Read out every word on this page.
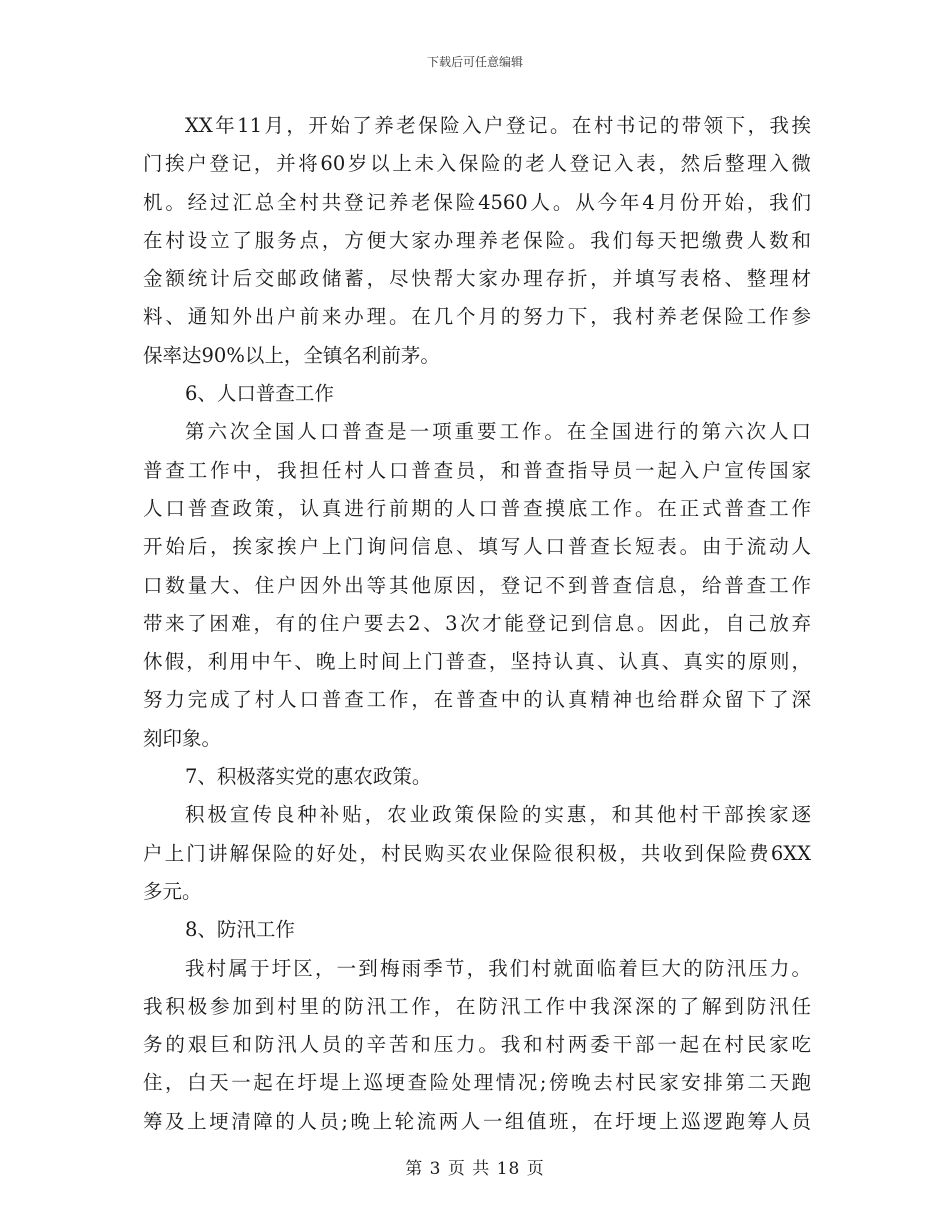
下载后可任意编辑
XX年11月，开始了养老保险入户登记。在村书记的带领下，我挨
门挨户登记，并将60岁以上未入保险的老人登记入表，然后整理入微
机。经过汇总全村共登记养老保险4560人。从今年4月份开始，我们
在村设立了服务点，方便大家办理养老保险。我们每天把缴费人数和
金额统计后交邮政储蓄，尽快帮大家办理存折，并填写表格、整理材
料、通知外出户前来办理。在几个月的努力下，我村养老保险工作参
保率达90%以上，全镇名利前茅。
6、人口普查工作
第六次全国人口普查是一项重要工作。在全国进行的第六次人口
普查工作中，我担任村人口普查员，和普查指导员一起入户宣传国家
人口普查政策，认真进行前期的人口普查摸底工作。在正式普查工作
开始后，挨家挨户上门询问信息、填写人口普查长短表。由于流动人
口数量大、住户因外出等其他原因，登记不到普查信息，给普查工作
带来了困难，有的住户要去2、3次才能登记到信息。因此，自己放弃
休假，利用中午、晚上时间上门普查，坚持认真、认真、真实的原则，
努力完成了村人口普查工作，在普查中的认真精神也给群众留下了深
刻印象。
7、积极落实党的惠农政策。
积极宣传良种补贴，农业政策保险的实惠，和其他村干部挨家逐
户上门讲解保险的好处，村民购买农业保险很积极，共收到保险费6XX
多元。
8、防汛工作
我村属于圩区，一到梅雨季节，我们村就面临着巨大的防汛压力。
我积极参加到村里的防汛工作，在防汛工作中我深深的了解到防汛任
务的艰巨和防汛人员的辛苦和压力。我和村两委干部一起在村民家吃
住，白天一起在圩堤上巡埂查险处理情况;傍晚去村民家安排第二天跑
筹及上埂清障的人员;晚上轮流两人一组值班，在圩埂上巡逻跑筹人员
第 3 页 共 18 页
